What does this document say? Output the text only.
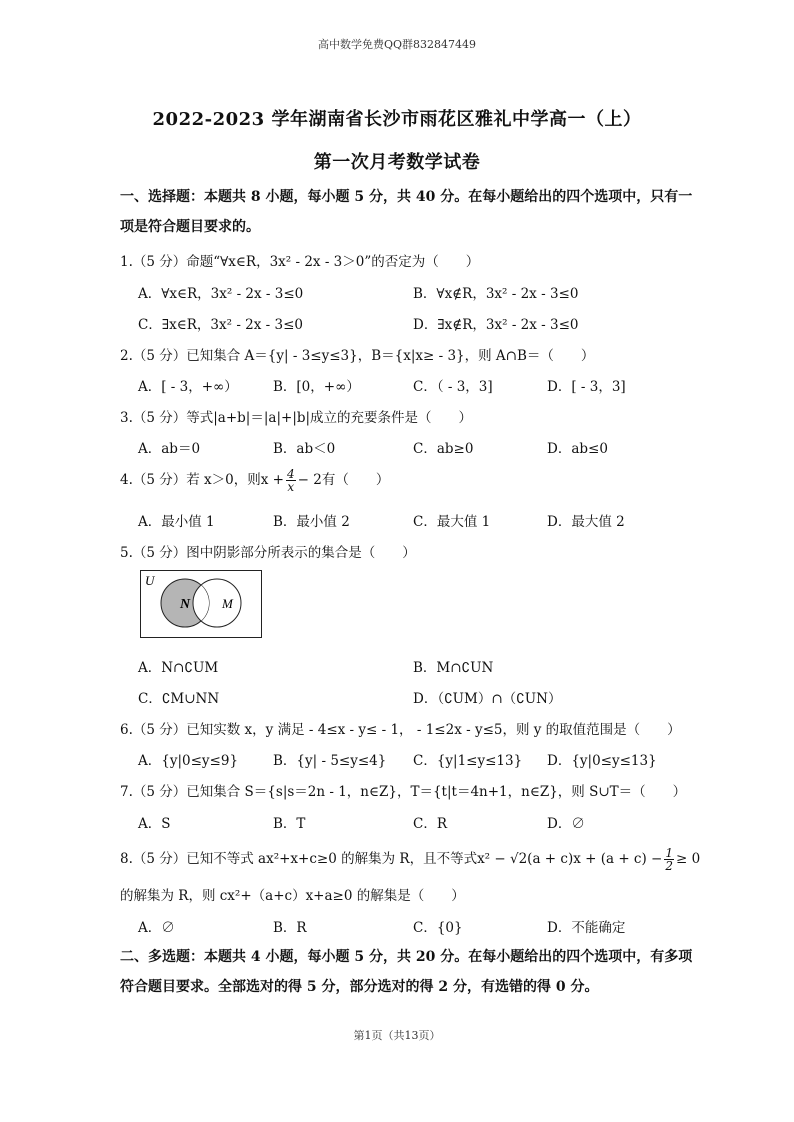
高中数学免费QQ群832847449
2022-2023 学年湖南省长沙市雨花区雅礼中学高一（上）
第一次月考数学试卷
一、选择题：本题共 8 小题，每小题 5 分，共 40 分。在每小题给出的四个选项中，只有一
项是符合题目要求的。
1.（5 分）命题“∀x∈R，3x² - 2x - 3＞0”的否定为（　　）
A．∀x∈R，3x² - 2x - 3≤0	B．∀x∉R，3x² - 2x - 3≤0
C．∃x∈R，3x² - 2x - 3≤0	D．∃x∉R，3x² - 2x - 3≤0
2.（5 分）已知集合 A＝{y| - 3≤y≤3}，B＝{x|x≥ - 3}，则 A∩B＝（　　）
A．[ - 3，+∞）	B．[0，+∞）	C．（ - 3，3]	D．[ - 3，3]
3.（5 分）等式|a+b|＝|a|+|b|成立的充要条件是（　　）
A．ab＝0	B．ab＜0	C．ab≥0	D．ab≤0
4.（5 分）若 x＞0，则$x + \frac{4}{x} - 2$有（　　）
A．最小值 1	B．最小值 2	C．最大值 1	D．最大值 2
5.（5 分）图中阴影部分所表示的集合是（　　）
U
N M
A．N∩∁UM	B．M∩∁UN
C．∁M∪NN	D．（∁UM）∩（∁UN）
6.（5 分）已知实数 x，y 满足 - 4≤x - y≤ - 1， - 1≤2x - y≤5，则 y 的取值范围是（　　）
A．{y|0≤y≤9}	B．{y| - 5≤y≤4} C．{y|1≤y≤13} D．{y|0≤y≤13}
7.（5 分）已知集合 S＝{s|s＝2n - 1，n∈Z}，T＝{t|t＝4n+1，n∈Z}，则 S∪T＝（　　）
A．S	B．T	C．R	D．∅
8.（5 分）已知不等式 ax²+x+c≥0 的解集为 R，且不等式$x^2 - √2(a + c)x + (a + c) - \frac{1}{2} \ge 0$
的解集为 R，则 cx²+（a+c）x+a≥0 的解集是（　　）
A．∅	B．R	C．{0}	D．不能确定
二、多选题：本题共 4 小题，每小题 5 分，共 20 分。在每小题给出的四个选项中，有多项
符合题目要求。全部选对的得 5 分，部分选对的得 2 分，有选错的得 0 分。
第1页（共13页）
